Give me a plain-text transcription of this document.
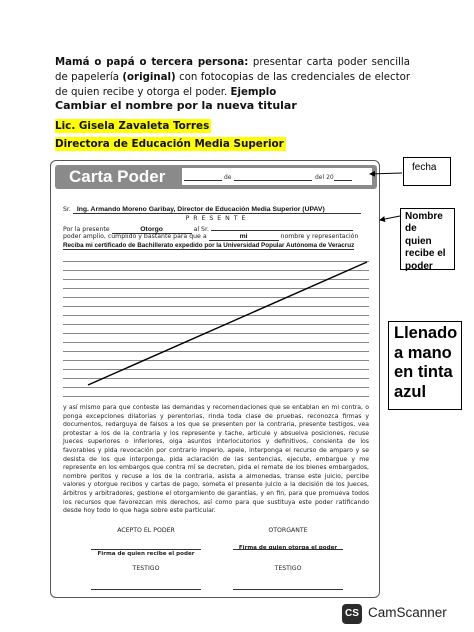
Mamá o papá o tercera persona: presentar carta poder sencilla de papelería (original) con fotocopias de las credenciales de elector de quien recibe y otorga el poder. Ejemplo
Cambiar el nombre por la nueva titular
Lic. Gisela Zavaleta Torres
Directora de Educación Media Superior
Carta Poder	de	del 20
Sr. Ing. Armando Moreno Garibay, Director de Educación Media Superior (UPAV)
P R E S E N T E
Por la presente	Otorgo	al Sr.
poder amplio, cumplido y bastante para que a	mi	nombre y representación
Reciba mi certificado de Bachillerato expedido por la Universidad Popular Autónoma de Veracruz
y así mismo para que conteste las demandas y recomendaciones que se entablan en mi contra, o ponga excepciones dilatorias y perentorias, rinda toda clase de pruebas, reconozca firmas y documentos, redarguya de falsos a los que se presenten por la contraria, presente testigos, vea protestar a los de la contraria y los represente y tache, articule y absuelva posiciones, recuse Jueces superiores o inferiores, oiga asuntos interlocutorios y definitivos, consienta de los favorables y pida revocación por contrario imperio, apele, interponga el recurso de amparo y se desista de los que interponga, pida aclaración de las sentencias, ejecute, embargue y me represente en los embargos que contra mí se decreten, pida el remate de los bienes embargados, nombre peritos y recuse a los de la contraria, asista a almonedas, transe este juicio, percibe valores y otorgue recibos y cartas de pago, someta el presente juicio a la decisión de los Jueces, árbitros y arbitradores, gestione el otorgamiento de garantías, y en fin, para que promueva todos los recursos que favorezcan mis derechos, así como para que sustituya este poder ratificando desde hoy todo lo que haga sobre este particular.
ACEPTO EL PODER	OTORGANTE
Firma de quien recibe el poder
Firma de quien otorga el poder
TESTIGO	TESTIGO
fecha
Nombre
de
quien
recibe el
poder
Llenado
a mano
en tinta
azul
CS CamScanner
